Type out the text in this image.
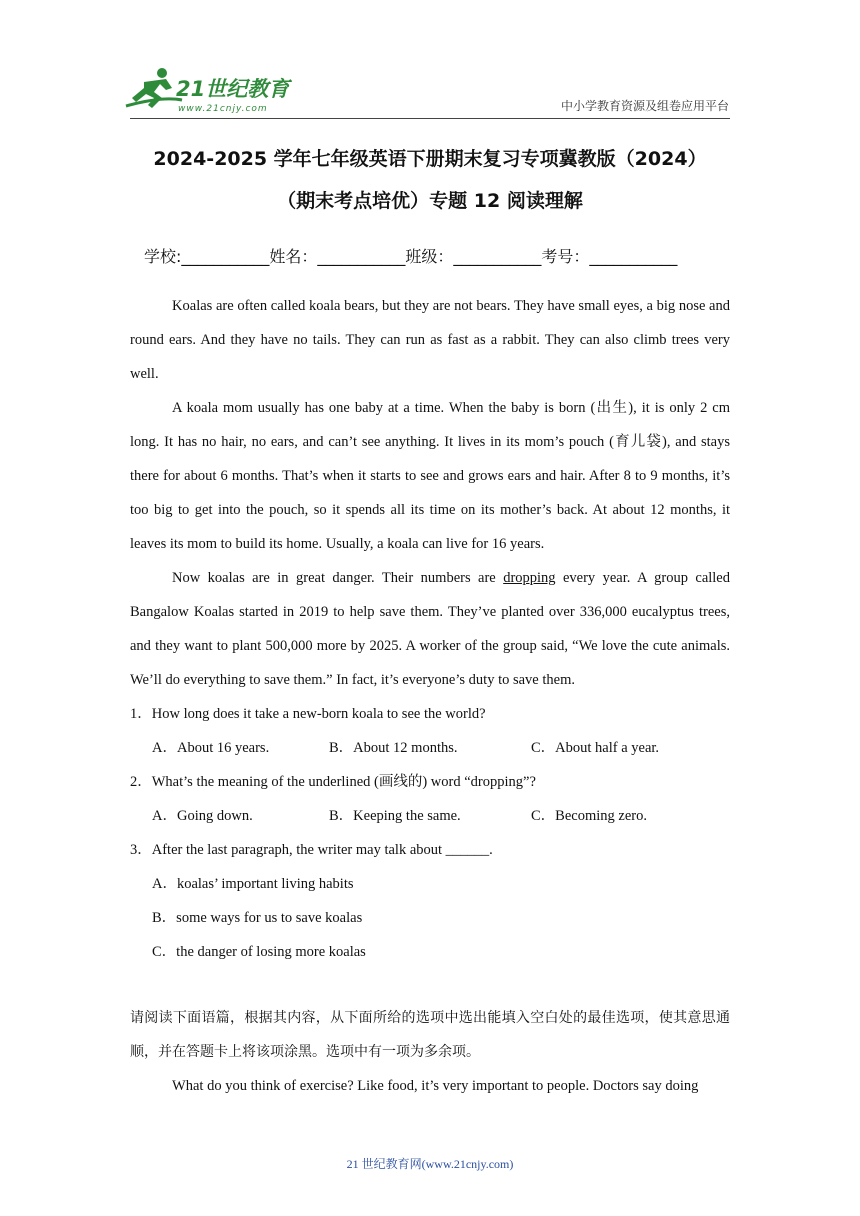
21世纪教育
www.21cnjy.com	中小学教育资源及组卷应用平台
2024-2025 学年七年级英语下册期末复习专项冀教版（2024）
（期末考点培优）专题 12 阅读理解
学校:___________姓名：___________班级：___________考号：___________

Koalas are often called koala bears, but they are not bears. They have small eyes, a big nose and round ears. And they have no tails. They can run as fast as a rabbit. They can also climb trees very well.

A koala mom usually has one baby at a time. When the baby is born (出生), it is only 2 cm long. It has no hair, no ears, and can’t see anything. It lives in its mom’s pouch (育儿袋), and stays there for about 6 months. That’s when it starts to see and grows ears and hair. After 8 to 9 months, it’s too big to get into the pouch, so it spends all its time on its mother’s back. At about 12 months, it leaves its mom to build its home. Usually, a koala can live for 16 years.

Now koalas are in great danger. Their numbers are dropping every year. A group called Bangalow Koalas started in 2019 to help save them. They’ve planted over 336,000 eucalyptus trees, and they want to plant 500,000 more by 2025. A worker of the group said, “We love the cute animals. We’ll do everything to save them.” In fact, it’s everyone’s duty to save them.

1．How long does it take a new-born koala to see the world?

A．About 16 years.	B．About 12 months.	C．About half a year.

2．What’s the meaning of the underlined (画线的) word “dropping”?

A．Going down.	B．Keeping the same.	C．Becoming zero.

3．After the last paragraph, the writer may talk about ______.

A．koalas’ important living habits
B．some ways for us to save koalas
C．the danger of losing more koalas

请阅读下面语篇，根据其内容，从下面所给的选项中选出能填入空白处的最佳选项，使其意思通顺，并在答题卡上将该项涂黑。选项中有一项为多余项。

What do you think of exercise? Like food, it’s very important to people. Doctors say doing

21 世纪教育网(www.21cnjy.com)
